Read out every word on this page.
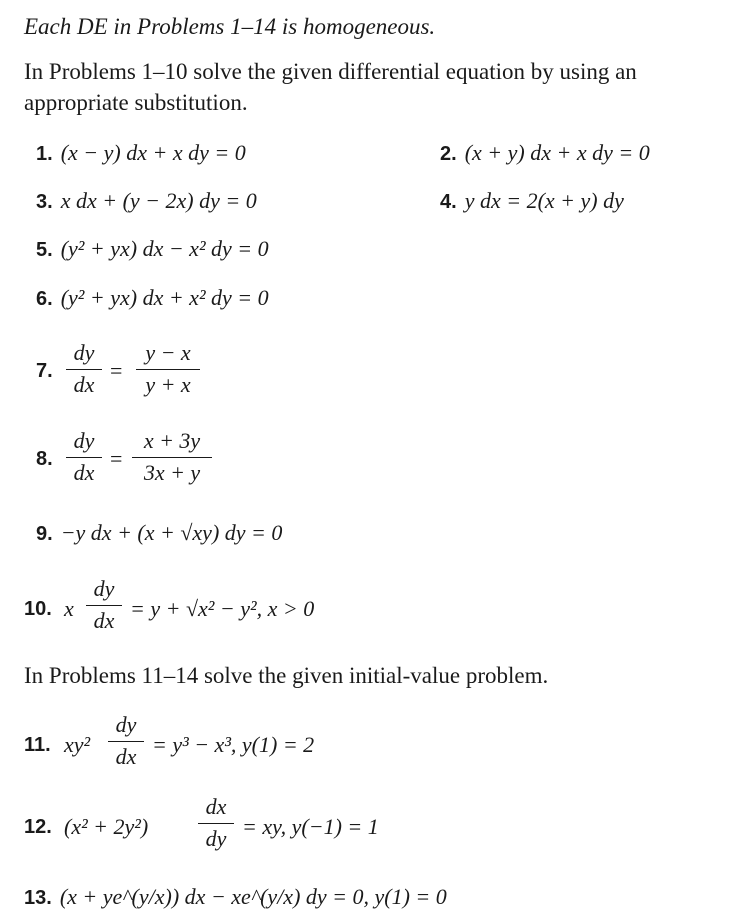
Each DE in Problems 1–14 is homogeneous.
In Problems 1–10 solve the given differential equation by using an
appropriate substitution.
1. (x − y) dx + x dy = 0	2. (x + y) dx + x dy = 0
3. x dx + (y − 2x) dy = 0	4. y dx = 2(x + y) dy
5. (y² + yx) dx − x² dy = 0
6. (y² + yx) dx + x² dy = 0
7.
dy
dx
=
y − x
y + x
8.
dy
dx
=
x + 3y
3x + y
9. −y dx + (x + √xy) dy = 0
10. x
dy
dx = y + √x² − y², x > 0
In Problems 11–14 solve the given initial-value problem.
11. xy²
dy
dx = y³ − x³, y(1) = 2
12. (x² + 2y²)
dx
dy = xy, y(−1) = 1
13. (x + ye^(y/x)) dx − xe^(y/x) dy = 0, y(1) = 0
